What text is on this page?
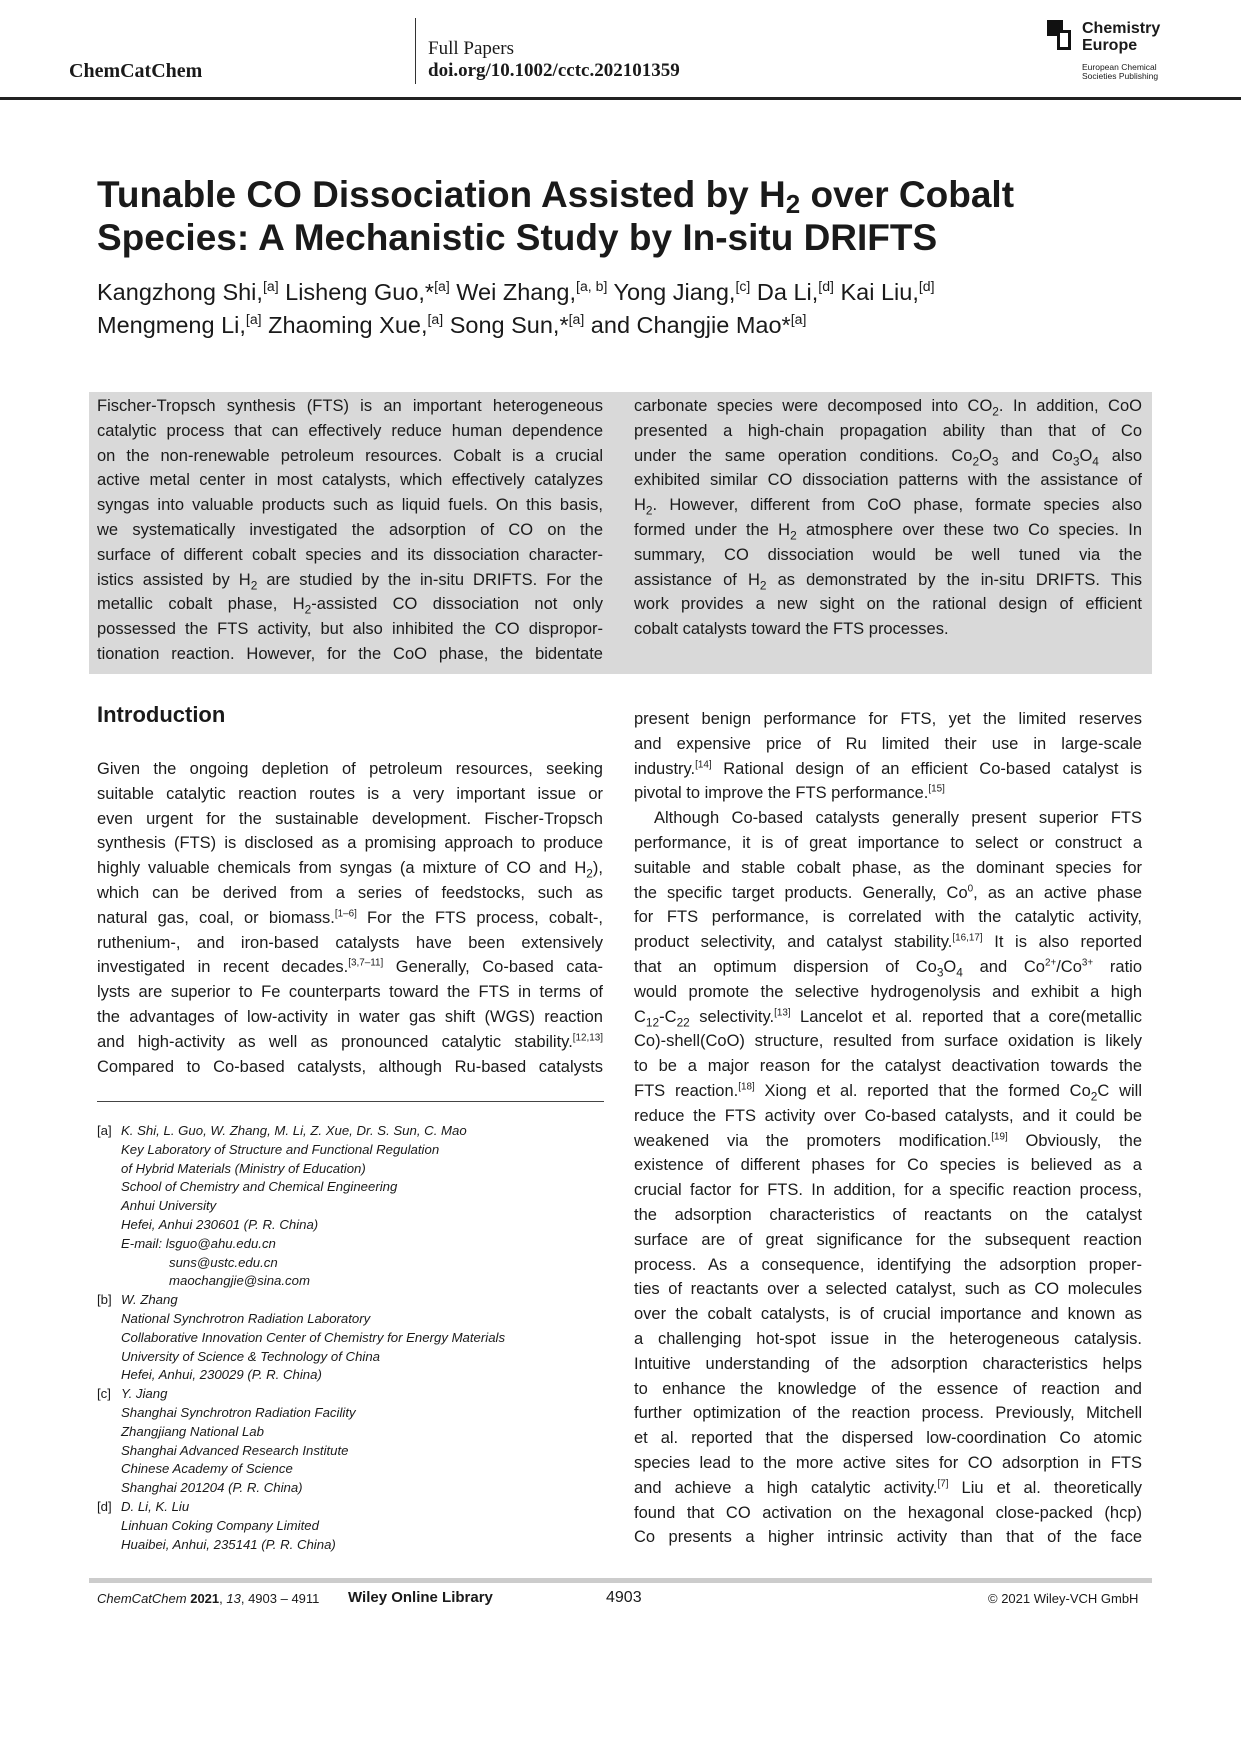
ChemCatChem
Full Papers
doi.org/10.1002/cctc.202101359
Chemistry
Europe
European Chemical
Societies Publishing
Tunable CO Dissociation Assisted by $H_2$ over Cobalt
Species: A Mechanistic Study by In-situ DRIFTS
Kangzhong Shi,[a] Lisheng Guo,*[a] Wei Zhang,[a, b] Yong Jiang,[c] Da Li,[d] Kai Liu,[d]
Mengmeng Li,[a] Zhaoming Xue,[a] Song Sun,*[a] and Changjie Mao*[a]
Fischer-Tropsch synthesis (FTS) is an important heterogeneous
catalytic process that can effectively reduce human dependence
on the non-renewable petroleum resources. Cobalt is a crucial
active metal center in most catalysts, which effectively catalyzes
syngas into valuable products such as liquid fuels. On this basis,
we systematically investigated the adsorption of CO on the
surface of different cobalt species and its dissociation character-
istics assisted by $H_2$ are studied by the in-situ DRIFTS. For the
metallic cobalt phase, $H_2$-assisted CO dissociation not only
possessed the FTS activity, but also inhibited the CO dispropor-
tionation reaction. However, for the CoO phase, the bidentate
carbonate species were decomposed into $CO_2$. In addition, CoO
presented a high-chain propagation ability than that of Co
under the same operation conditions. $Co_2O_3$ and $Co_3O_4$ also
exhibited similar CO dissociation patterns with the assistance of
$H_2$. However, different from CoO phase, formate species also
formed under the $H_2$ atmosphere over these two Co species. In
summary, CO dissociation would be well tuned via the
assistance of $H_2$ as demonstrated by the in-situ DRIFTS. This
work provides a new sight on the rational design of efficient
cobalt catalysts toward the FTS processes.
Introduction
Given the ongoing depletion of petroleum resources, seeking
suitable catalytic reaction routes is a very important issue or
even urgent for the sustainable development. Fischer-Tropsch
synthesis (FTS) is disclosed as a promising approach to produce
highly valuable chemicals from syngas (a mixture of CO and $H_2$),
which can be derived from a series of feedstocks, such as
natural gas, coal, or biomass.[1–6] For the FTS process, cobalt-,
ruthenium-, and iron-based catalysts have been extensively
investigated in recent decades.[3,7–11] Generally, Co-based cata-
lysts are superior to Fe counterparts toward the FTS in terms of
the advantages of low-activity in water gas shift (WGS) reaction
and high-activity as well as pronounced catalytic stability.[12,13]
Compared to Co-based catalysts, although Ru-based catalysts
present benign performance for FTS, yet the limited reserves
and expensive price of Ru limited their use in large-scale
industry.[14] Rational design of an efficient Co-based catalyst is
pivotal to improve the FTS performance.[15]
Although Co-based catalysts generally present superior FTS
performance, it is of great importance to select or construct a
suitable and stable cobalt phase, as the dominant species for
the specific target products. Generally, Co$^0$, as an active phase
for FTS performance, is correlated with the catalytic activity,
product selectivity, and catalyst stability.[16,17] It is also reported
that an optimum dispersion of $Co_3O_4$ and $Co^{2+}/Co^{3+}$ ratio
would promote the selective hydrogenolysis and exhibit a high
$C_{12}-C_{22}$ selectivity.[13] Lancelot et al. reported that a core(metallic
Co)-shell(CoO) structure, resulted from surface oxidation is likely
to be a major reason for the catalyst deactivation towards the
FTS reaction.[18] Xiong et al. reported that the formed $Co_2C$ will
reduce the FTS activity over Co-based catalysts, and it could be
weakened via the promoters modification.[19] Obviously, the
existence of different phases for Co species is believed as a
crucial factor for FTS. In addition, for a specific reaction process,
the adsorption characteristics of reactants on the catalyst
surface are of great significance for the subsequent reaction
process. As a consequence, identifying the adsorption proper-
ties of reactants over a selected catalyst, such as CO molecules
over the cobalt catalysts, is of crucial importance and known as
a challenging hot-spot issue in the heterogeneous catalysis.
Intuitive understanding of the adsorption characteristics helps
to enhance the knowledge of the essence of reaction and
further optimization of the reaction process. Previously, Mitchell
et al. reported that the dispersed low-coordination Co atomic
species lead to the more active sites for CO adsorption in FTS
and achieve a high catalytic activity.[7] Liu et al. theoretically
found that CO activation on the hexagonal close-packed (hcp)
Co presents a higher intrinsic activity than that of the face
[a] K. Shi, L. Guo, W. Zhang, M. Li, Z. Xue, Dr. S. Sun, C. Mao
Key Laboratory of Structure and Functional Regulation
of Hybrid Materials (Ministry of Education)
School of Chemistry and Chemical Engineering
Anhui University
Hefei, Anhui 230601 (P. R. China)
E-mail: lsguo@ahu.edu.cn
suns@ustc.edu.cn
maochangjie@sina.com
[b] W. Zhang
National Synchrotron Radiation Laboratory
Collaborative Innovation Center of Chemistry for Energy Materials
University of Science & Technology of China
Hefei, Anhui, 230029 (P. R. China)
[c] Y. Jiang
Shanghai Synchrotron Radiation Facility
Zhangjiang National Lab
Shanghai Advanced Research Institute
Chinese Academy of Science
Shanghai 201204 (P. R. China)
[d] D. Li, K. Liu
Linhuan Coking Company Limited
Huaibei, Anhui, 235141 (P. R. China)
ChemCatChem 2021, 13, 4903 – 4911 Wiley Online Library	4903	© 2021 Wiley-VCH GmbH
